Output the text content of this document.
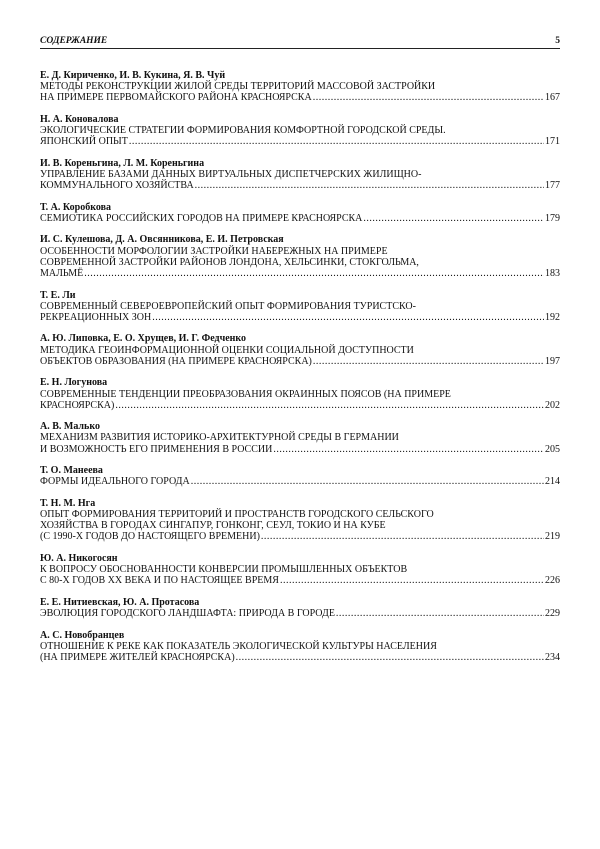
СОДЕРЖАНИЕ	5
Е. Д. Кириченко, И. В. Кукина, Я. В. Чуй
МЕТОДЫ РЕКОНСТРУКЦИИ ЖИЛОЙ СРЕДЫ ТЕРРИТОРИЙ МАССОВОЙ ЗАСТРОЙКИ
НА ПРИМЕРЕ ПЕРВОМАЙСКОГО РАЙОНА КРАСНОЯРСКА .....	167
Н. А. Коновалова
ЭКОЛОГИЧЕСКИЕ СТРАТЕГИИ ФОРМИРОВАНИЯ КОМФОРТНОЙ ГОРОДСКОЙ СРЕДЫ.
ЯПОНСКИЙ ОПЫТ .....	171
И. В. Кореньгина, Л. М. Кореньгина
УПРАВЛЕНИЕ БАЗАМИ ДАННЫХ ВИРТУАЛЬНЫХ ДИСПЕТЧЕРСКИХ ЖИЛИЩНО-
КОММУНАЛЬНОГО ХОЗЯЙСТВА .....	177
Т. А. Коробкова
СЕМИОТИКА РОССИЙСКИХ ГОРОДОВ НА ПРИМЕРЕ КРАСНОЯРСКА .....	179
И. С. Кулешова, Д. А. Овсянникова, Е. И. Петровская
ОСОБЕННОСТИ МОРФОЛОГИИ ЗАСТРОЙКИ НАБЕРЕЖНЫХ НА ПРИМЕРЕ
СОВРЕМЕННОЙ ЗАСТРОЙКИ РАЙОНОВ ЛОНДОНА, ХЕЛЬСИНКИ, СТОКГОЛЬМА,
МАЛЬМЁ .....	183
Т. Е. Ли
СОВРЕМЕННЫЙ СЕВЕРОЕВРОПЕЙСКИЙ ОПЫТ ФОРМИРОВАНИЯ ТУРИСТСКО-
РЕКРЕАЦИОННЫХ ЗОН .....	192
А. Ю. Липовка, Е. О. Хрущев, И. Г. Федченко
МЕТОДИКА ГЕОИНФОРМАЦИОННОЙ ОЦЕНКИ СОЦИАЛЬНОЙ ДОСТУПНОСТИ
ОБЪЕКТОВ ОБРАЗОВАНИЯ (НА ПРИМЕРЕ КРАСНОЯРСКА) .....	197
Е. Н. Логунова
СОВРЕМЕННЫЕ ТЕНДЕНЦИИ ПРЕОБРАЗОВАНИЯ ОКРАИННЫХ ПОЯСОВ (НА ПРИМЕРЕ
КРАСНОЯРСКА) .....	202
А. В. Малько
МЕХАНИЗМ РАЗВИТИЯ ИСТОРИКО-АРХИТЕКТУРНОЙ СРЕДЫ В ГЕРМАНИИ
И ВОЗМОЖНОСТЬ ЕГО ПРИМЕНЕНИЯ В РОССИИ .....	205
Т. О. Манеева
ФОРМЫ ИДЕАЛЬНОГО ГОРОДА .....	214
Т. Н. М. Нга
ОПЫТ ФОРМИРОВАНИЯ ТЕРРИТОРИЙ И ПРОСТРАНСТВ ГОРОДСКОГО СЕЛЬСКОГО
ХОЗЯЙСТВА В ГОРОДАХ СИНГАПУР, ГОНКОНГ, СЕУЛ, ТОКИО И НА КУБЕ
(С 1990-Х ГОДОВ ДО НАСТОЯЩЕГО ВРЕМЕНИ) .....	219
Ю. А. Никогосян
К ВОПРОСУ ОБОСНОВАННОСТИ КОНВЕРСИИ ПРОМЫШЛЕННЫХ ОБЪЕКТОВ
С 80-Х ГОДОВ XX ВЕКА И ПО НАСТОЯЩЕЕ ВРЕМЯ .....	226
Е. Е. Нитиевская, Ю. А. Протасова
ЭВОЛЮЦИЯ ГОРОДСКОГО ЛАНДШАФТА: ПРИРОДА В ГОРОДЕ .....	229
А. С. Новобранцев
ОТНОШЕНИЕ К РЕКЕ КАК ПОКАЗАТЕЛЬ ЭКОЛОГИЧЕСКОЙ КУЛЬТУРЫ НАСЕЛЕНИЯ
(НА ПРИМЕРЕ ЖИТЕЛЕЙ КРАСНОЯРСКА) .....	234
